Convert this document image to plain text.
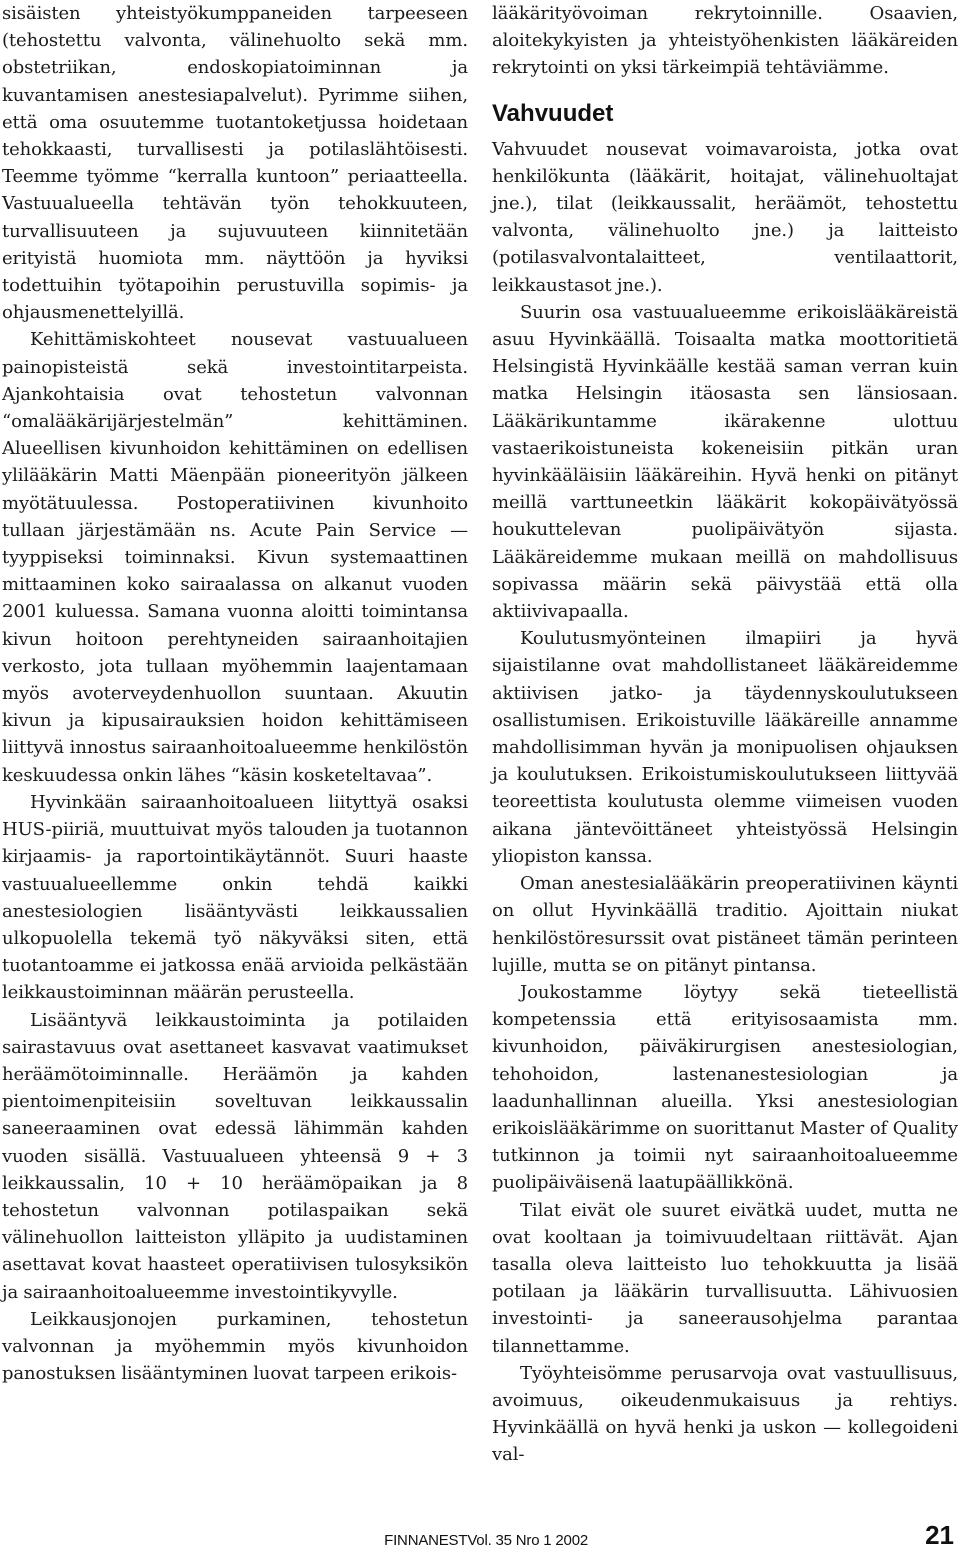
sisäisten yhteistyökumppaneiden tarpeeseen (tehostettu valvonta, välinehuolto sekä mm. obstetriikan, endoskopiatoiminnan ja kuvantamisen anestesiapalvelut). Pyrimme siihen, että oma osuutemme tuotantoketjussa hoidetaan tehokkaasti, turvallisesti ja potilaslähtöisesti. Teemme työmme “kerralla kuntoon” periaatteella. Vastuualueella tehtävän työn tehokkuuteen, turvallisuuteen ja sujuvuuteen kiinnitetään erityistä huomiota mm. näyttöön ja hyviksi todettuihin työtapoihin perustuvilla sopimis- ja ohjausmenettelyillä.

Kehittämiskohteet nousevat vastuualueen painopisteistä sekä investointitarpeista. Ajankohtaisia ovat tehostetun valvonnan “omalääkärijärjestelmän” kehittäminen. Alueellisen kivunhoidon kehittäminen on edellisen ylilääkärin Matti Mäenpään pioneerityön jälkeen myötätuulessa. Postoperatiivinen kivunhoito tullaan järjestämään ns. Acute Pain Service — tyyppiseksi toiminnaksi. Kivun systemaattinen mittaaminen koko sairaalassa on alkanut vuoden 2001 kuluessa. Samana vuonna aloitti toimintansa kivun hoitoon perehtyneiden sairaanhoitajien verkosto, jota tullaan myöhemmin laajentamaan myös avoterveydenhuollon suuntaan. Akuutin kivun ja kipusairauksien hoidon kehittämiseen liittyvä innostus sairaanhoitoalueemme henkilöstön keskuudessa onkin lähes “käsin kosketeltavaa”.

Hyvinkään sairaanhoitoalueen liityttyä osaksi HUS-piiriä, muuttuivat myös talouden ja tuotannon kirjaamis- ja raportointikäytännöt. Suuri haaste vastuualueellemme onkin tehdä kaikki anestesiologien lisääntyvästi leikkaussalien ulkopuolella tekemä työ näkyväksi siten, että tuotantoamme ei jatkossa enää arvioida pelkästään leikkaustoiminnan määrän perusteella.

Lisääntyvä leikkaustoiminta ja potilaiden sairastavuus ovat asettaneet kasvavat vaatimukset heräämötoiminnalle. Heräämön ja kahden pientoimenpiteisiin soveltuvan leikkaussalin saneeraaminen ovat edessä lähimmän kahden vuoden sisällä. Vastuualueen yhteensä 9 + 3 leikkaussalin, 10 + 10 heräämöpaikan ja 8 tehostetun valvonnan potilaspaikan sekä välinehuollon laitteiston ylläpito ja uudistaminen asettavat kovat haasteet operatiivisen tulosyksikön ja sairaanhoitoalueemme investointikyvylle.

Leikkausjonojen purkaminen, tehostetun valvonnan ja myöhemmin myös kivunhoidon panostuksen lisääntyminen luovat tarpeen erikois-

lääkärityövoiman rekrytoinnille. Osaavien, aloitekykyisten ja yhteistyöhenkisten lääkäreiden rekrytointi on yksi tärkeimpiä tehtäviämme.

Vahvuudet

Vahvuudet nousevat voimavaroista, jotka ovat henkilökunta (lääkärit, hoitajat, välinehuoltajat jne.), tilat (leikkaussalit, heräämöt, tehostettu valvonta, välinehuolto jne.) ja laitteisto (potilasvalvontalaitteet, ventilaattorit, leikkaustasot jne.).

Suurin osa vastuualueemme erikoislääkäreistä asuu Hyvinkäällä. Toisaalta matka moottoritietä Helsingistä Hyvinkäälle kestää saman verran kuin matka Helsingin itäosasta sen länsiosaan. Lääkärikuntamme ikärakenne ulottuu vastaerikoistuneista kokeneisiin pitkän uran hyvinkääläisiin lääkäreihin. Hyvä henki on pitänyt meillä varttuneetkin lääkärit kokopäivätyössä houkuttelevan puolipäivätyön sijasta. Lääkäreidemme mukaan meillä on mahdollisuus sopivassa määrin sekä päivystää että olla aktiivivapaalla.

Koulutusmyönteinen ilmapiiri ja hyvä sijaistilanne ovat mahdollistaneet lääkäreidemme aktiivisen jatko- ja täydennyskoulutukseen osallistumisen. Erikoistuville lääkäreille annamme mahdollisimman hyvän ja monipuolisen ohjauksen ja koulutuksen. Erikoistumiskoulutukseen liittyvää teoreettista koulutusta olemme viimeisen vuoden aikana jäntevöittäneet yhteistyössä Helsingin yliopiston kanssa.

Oman anestesialääkärin preoperatiivinen käynti on ollut Hyvinkäällä traditio. Ajoittain niukat henkilöstöresurssit ovat pistäneet tämän perinteen lujille, mutta se on pitänyt pintansa.

Joukostamme löytyy sekä tieteellistä kompetenssia että erityisosaamista mm. kivunhoidon, päiväkirurgisen anestesiologian, tehohoidon, lastenanestesiologian ja laadunhallinnan alueilla. Yksi anestesiologian erikoislääkärimme on suorittanut Master of Quality tutkinnon ja toimii nyt sairaanhoitoalueemme puolipäiväisenä laatupäällikkönä.

Tilat eivät ole suuret eivätkä uudet, mutta ne ovat kooltaan ja toimivuudeltaan riittävät. Ajan tasalla oleva laitteisto luo tehokkuutta ja lisää potilaan ja lääkärin turvallisuutta. Lähivuosien investointi- ja saneerausohjelma parantaa tilannettamme.

Työyhteisömme perusarvoja ovat vastuullisuus, avoimuus, oikeudenmukaisuus ja rehtiys. Hyvinkäällä on hyvä henki ja uskon — kollegoideni val-

FINNANESTVol. 35 Nro 1 2002	21
